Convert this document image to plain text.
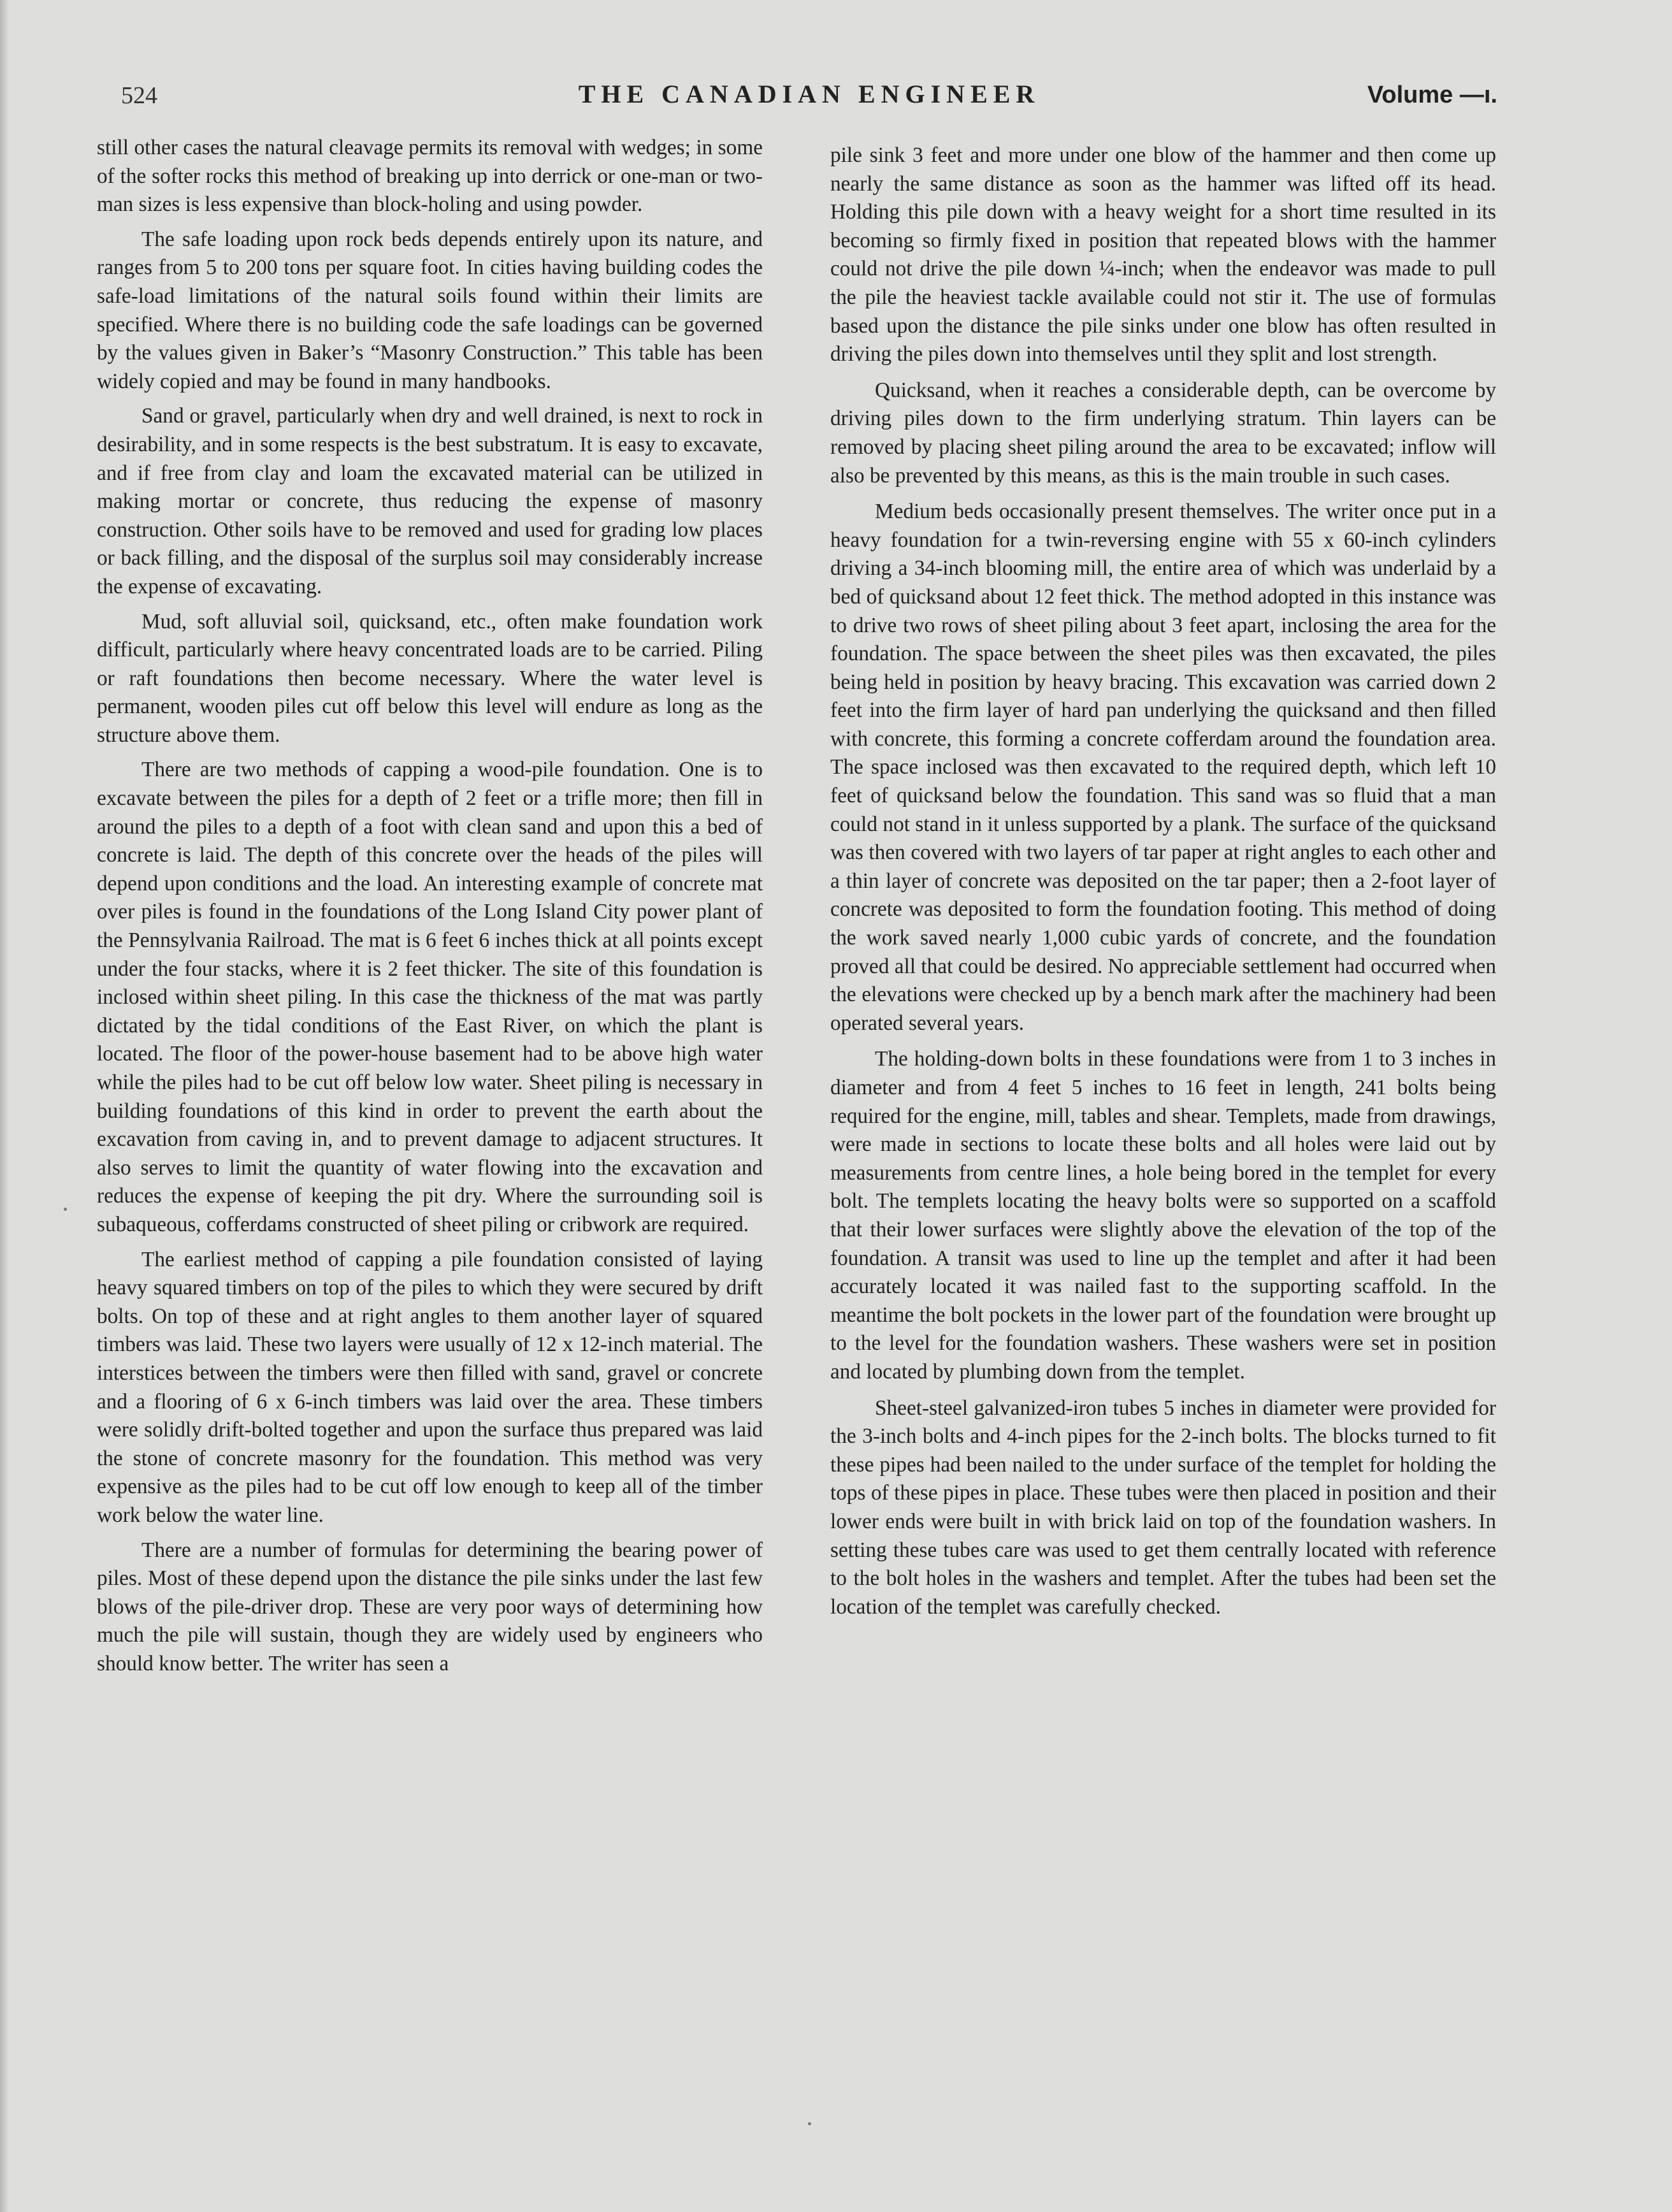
524	THE CANADIAN ENGINEER	Volume —ı.

still other cases the natural cleavage permits its removal with wedges; in some of the softer rocks this method of breaking up into derrick or one-man or two-man sizes is less expensive than block-holing and using powder.

The safe loading upon rock beds depends entirely upon its nature, and ranges from 5 to 200 tons per square foot. In cities having building codes the safe-load limitations of the natural soils found within their limits are specified. Where there is no building code the safe loadings can be governed by the values given in Baker’s “Masonry Construction.” This table has been widely copied and may be found in many handbooks.

Sand or gravel, particularly when dry and well drained, is next to rock in desirability, and in some respects is the best substratum. It is easy to excavate, and if free from clay and loam the excavated material can be utilized in making mortar or concrete, thus reducing the expense of masonry construction. Other soils have to be removed and used for grading low places or back filling, and the disposal of the surplus soil may considerably increase the expense of excavating.

Mud, soft alluvial soil, quicksand, etc., often make foundation work difficult, particularly where heavy concentrated loads are to be carried. Piling or raft foundations then become necessary. Where the water level is permanent, wooden piles cut off below this level will endure as long as the structure above them.

There are two methods of capping a wood-pile foundation. One is to excavate between the piles for a depth of 2 feet or a trifle more; then fill in around the piles to a depth of a foot with clean sand and upon this a bed of concrete is laid. The depth of this concrete over the heads of the piles will depend upon conditions and the load. An interesting example of concrete mat over piles is found in the foundations of the Long Island City power plant of the Pennsylvania Railroad. The mat is 6 feet 6 inches thick at all points except under the four stacks, where it is 2 feet thicker. The site of this foundation is inclosed within sheet piling. In this case the thickness of the mat was partly dictated by the tidal conditions of the East River, on which the plant is located. The floor of the power-house basement had to be above high water while the piles had to be cut off below low water. Sheet piling is necessary in building foundations of this kind in order to prevent the earth about the excavation from caving in, and to prevent damage to adjacent structures. It also serves to limit the quantity of water flowing into the excavation and reduces the expense of keeping the pit dry. Where the surrounding soil is subaqueous, cofferdams constructed of sheet piling or cribwork are required.

The earliest method of capping a pile foundation consisted of laying heavy squared timbers on top of the piles to which they were secured by drift bolts. On top of these and at right angles to them another layer of squared timbers was laid. These two layers were usually of 12 x 12-inch material. The interstices between the timbers were then filled with sand, gravel or concrete and a flooring of 6 x 6-inch timbers was laid over the area. These timbers were solidly drift-bolted together and upon the surface thus prepared was laid the stone of concrete masonry for the foundation. This method was very expensive as the piles had to be cut off low enough to keep all of the timber work below the water line.

There are a number of formulas for determining the bearing power of piles. Most of these depend upon the distance the pile sinks under the last few blows of the pile-driver drop. These are very poor ways of determining how much the pile will sustain, though they are widely used by engineers who should know better. The writer has seen a

pile sink 3 feet and more under one blow of the hammer and then come up nearly the same distance as soon as the hammer was lifted off its head. Holding this pile down with a heavy weight for a short time resulted in its becoming so firmly fixed in position that repeated blows with the hammer could not drive the pile down ¼-inch; when the endeavor was made to pull the pile the heaviest tackle available could not stir it. The use of formulas based upon the distance the pile sinks under one blow has often resulted in driving the piles down into themselves until they split and lost strength.

Quicksand, when it reaches a considerable depth, can be overcome by driving piles down to the firm underlying stratum. Thin layers can be removed by placing sheet piling around the area to be excavated; inflow will also be prevented by this means, as this is the main trouble in such cases.

Medium beds occasionally present themselves. The writer once put in a heavy foundation for a twin-reversing engine with 55 x 60-inch cylinders driving a 34-inch blooming mill, the entire area of which was underlaid by a bed of quicksand about 12 feet thick. The method adopted in this instance was to drive two rows of sheet piling about 3 feet apart, inclosing the area for the foundation. The space between the sheet piles was then excavated, the piles being held in position by heavy bracing. This excavation was carried down 2 feet into the firm layer of hard pan underlying the quicksand and then filled with concrete, this forming a concrete cofferdam around the foundation area. The space inclosed was then excavated to the required depth, which left 10 feet of quicksand below the foundation. This sand was so fluid that a man could not stand in it unless supported by a plank. The surface of the quicksand was then covered with two layers of tar paper at right angles to each other and a thin layer of concrete was deposited on the tar paper; then a 2-foot layer of concrete was deposited to form the foundation footing. This method of doing the work saved nearly 1,000 cubic yards of concrete, and the foundation proved all that could be desired. No appreciable settlement had occurred when the elevations were checked up by a bench mark after the machinery had been operated several years.

The holding-down bolts in these foundations were from 1 to 3 inches in diameter and from 4 feet 5 inches to 16 feet in length, 241 bolts being required for the engine, mill, tables and shear. Templets, made from drawings, were made in sections to locate these bolts and all holes were laid out by measurements from centre lines, a hole being bored in the templet for every bolt. The templets locating the heavy bolts were so supported on a scaffold that their lower surfaces were slightly above the elevation of the top of the foundation. A transit was used to line up the templet and after it had been accurately located it was nailed fast to the supporting scaffold. In the meantime the bolt pockets in the lower part of the foundation were brought up to the level for the foundation washers. These washers were set in position and located by plumbing down from the templet.

Sheet-steel galvanized-iron tubes 5 inches in diameter were provided for the 3-inch bolts and 4-inch pipes for the 2-inch bolts. The blocks turned to fit these pipes had been nailed to the under surface of the templet for holding the tops of these pipes in place. These tubes were then placed in position and their lower ends were built in with brick laid on top of the foundation washers. In setting these tubes care was used to get them centrally located with reference to the bolt holes in the washers and templet. After the tubes had been set the location of the templet was carefully checked.
